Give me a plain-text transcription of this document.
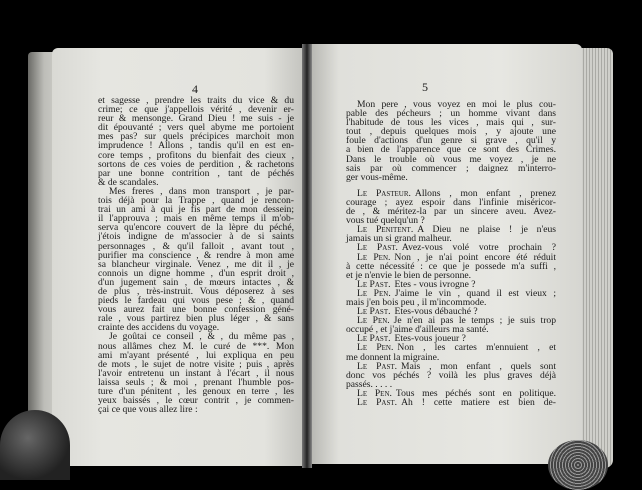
4
et sagesse , prendre les traits du vice & du
crime; ce que j'appellois vérité , devenir er-
reur & mensonge. Grand Dieu ! me suis - je
dit épouvanté ; vers quel abyme me portoient
mes pas? sur quels précipices marchoit mon
imprudence ! Allons , tandis qu'il en est en-
core temps , profitons du bienfait des cieux ,
sortons de ces voies de perdition , & rachetons
par une bonne contrition , tant de péchés
& de scandales.
Mes freres , dans mon transport , je par-
tois déjà pour la Trappe , quand je rencon-
trai un ami à qui je fis part de mon dessein;
il l'approuva ; mais en même temps il m'ob-
serva qu'encore couvert de la lèpre du péché,
j'étois indigne de m'associer à de si saints
personnages , & qu'il falloit , avant tout ,
purifier ma conscience , & rendre à mon ame
sa blancheur virginale. Venez , me dit il , je
connois un digne homme , d'un esprit droit ,
d'un jugement sain , de mœurs intactes , &
de plus , très-instruit. Vous déposerez à ses
pieds le fardeau qui vous pese ; & , quand
vous aurez fait une bonne confession géné-
rale , vous partirez bien plus léger , & sans
crainte des accidens du voyage.
Je goûtai ce conseil , & , du même pas ,
nous allâmes chez M. le curé de ***. Mon
ami m'ayant présenté , lui expliqua en peu
de mots , le sujet de notre visite ; puis , après
l'avoir entretenu un instant à l'écart , il nous
laissa seuls ; & moi , prenant l'humble pos-
ture d'un pénitent , les genoux en terre , les
yeux baissés , le cœur contrit , je commen-
çai ce que vous allez lire :
5
Mon pere , vous voyez en moi le plus cou-
pable des pécheurs ; un homme vivant dans
l'habitude de tous les vices , mais qui , sur-
tout , depuis quelques mois , y ajoute une
foule d'actions d'un genre si grave , qu'il y
a bien de l'apparence que ce sont des Crimes.
Dans le trouble où vous me voyez , je ne
sais par où commencer ; daignez m'interro-
ger vous-même.
Le Pasteur. Allons , mon enfant , prenez
courage ; ayez espoir dans l'infinie miséricor-
de , & méritez-la par un sincere aveu. Avez-
vous tué quelqu'un ?
Le Penitent. A Dieu ne plaise ! je n'eus
jamais un si grand malheur.
Le Past. Avez-vous volé votre prochain ?
Le Pen. Non , je n'ai point encore été réduit
à cette nécessité : ce que je possede m'a suffi ,
et je n'envie le bien de personne.
Le Past. Etes - vous ivrogne ?
Le Pen. J'aime le vin , quand il est vieux ;
mais j'en bois peu , il m'incommode.
Le Past. Etes-vous débauché ?
Le Pen. Je n'en ai pas le temps ; je suis trop
occupé , et j'aime d'ailleurs ma santé.
Le Past. Etes-vous joueur ?
Le Pen. Non , les cartes m'ennuient , et
me donnent la migraine.
Le Past. Mais , mon enfant , quels sont
donc vos péchés ? voilà les plus graves déjà
passés. . . . .
Le Pen. Tous mes péchés sont en politique.
Le Past. Ah ! cette matiere est bien de-
